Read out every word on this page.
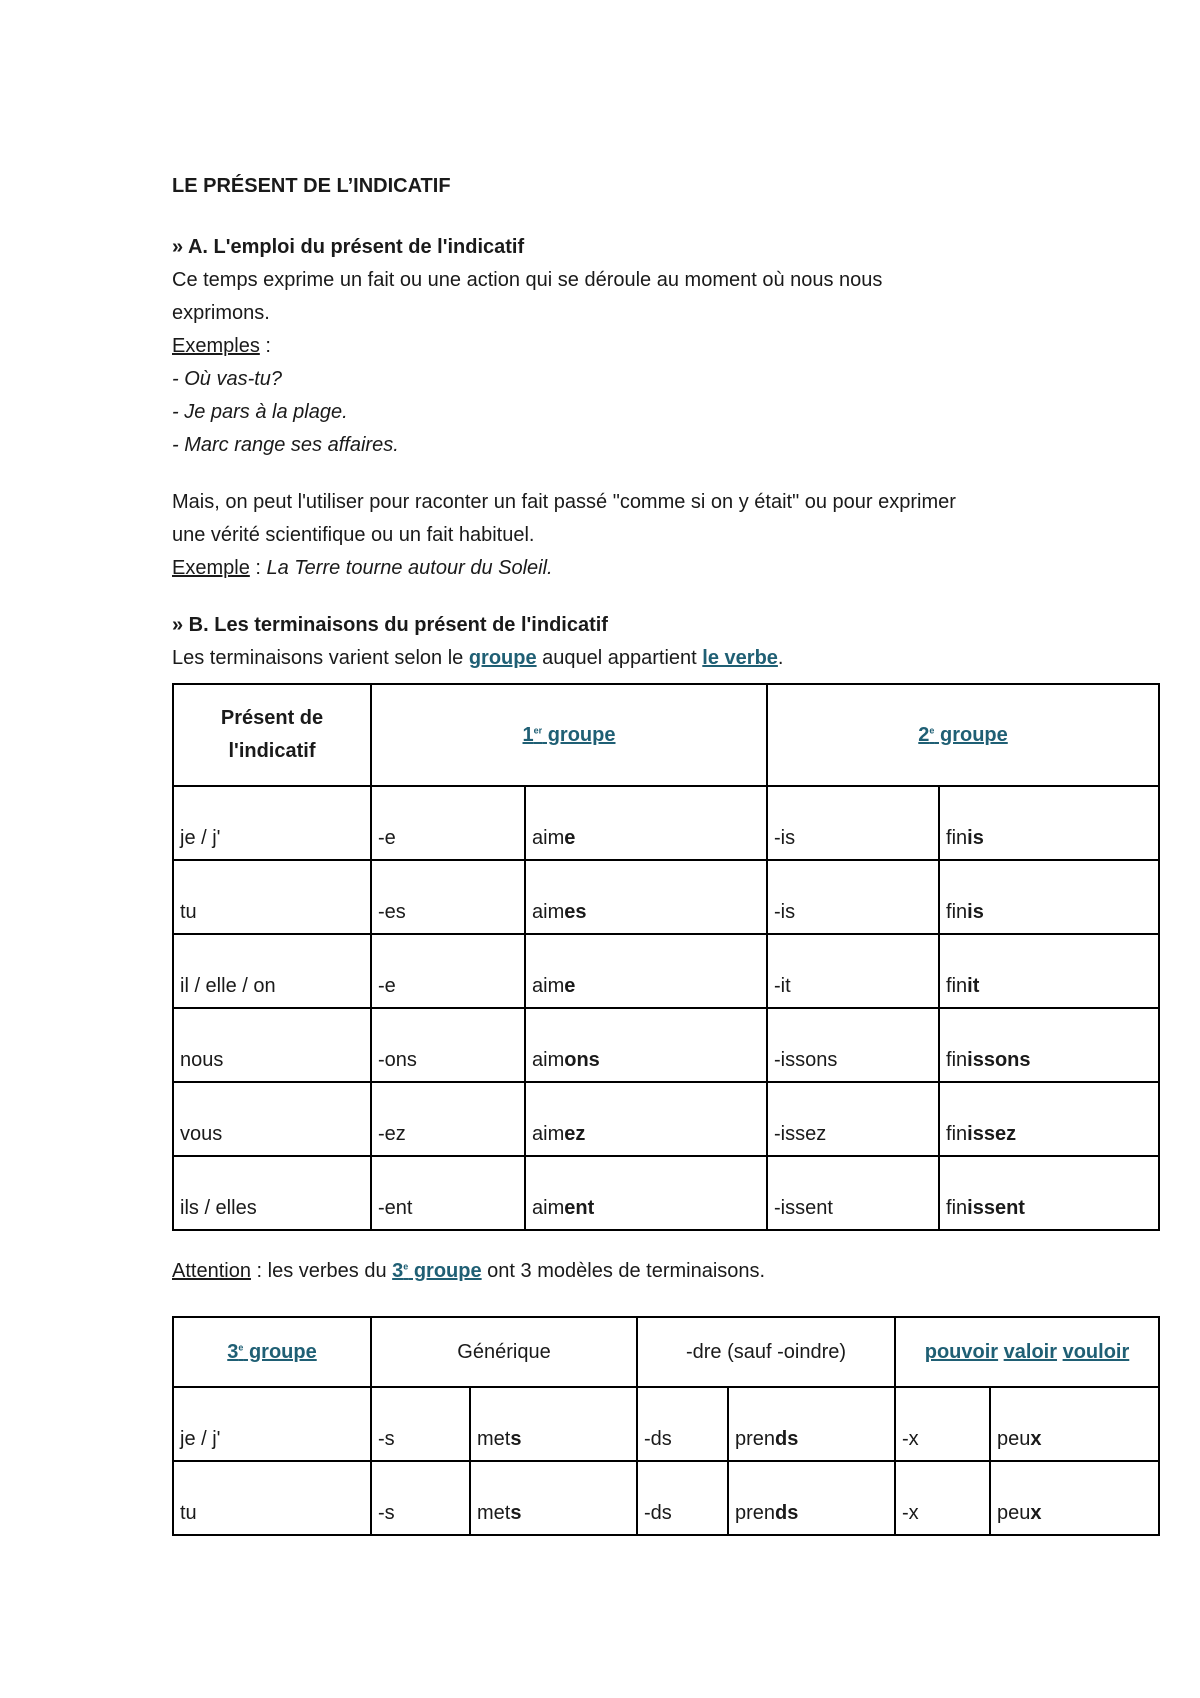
LE PRÉSENT DE L’INDICATIF

» A. L'emploi du présent de l'indicatif

Ce temps exprime un fait ou une action qui se déroule au moment où nous nous

exprimons.

Exemples :

- Où vas-tu?

- Je pars à la plage.

- Marc range ses affaires.

Mais, on peut l'utiliser pour raconter un fait passé "comme si on y était" ou pour exprimer

une vérité scientifique ou un fait habituel.

Exemple : La Terre tourne autour du Soleil.

» B. Les terminaisons du présent de l'indicatif

Les terminaisons varient selon le groupe auquel appartient le verbe.

Présent de l'indicatif	1er groupe		2e groupe	
je / j'	-e	aime	-is	finis
tu	-es	aimes	-is	finis
il / elle / on	-e	aime	-it	finit
nous	-ons	aimons	-issons	finissons
vous	-ez	aimez	-issez	finissez
ils / elles	-ent	aiment	-issent	finissent

Attention : les verbes du 3e groupe ont 3 modèles de terminaisons.

3e groupe	Générique		-dre (sauf -oindre)		pouvoir valoir vouloir	
je / j'	-s	mets	-ds	prends	-x	peux
tu	-s	mets	-ds	prends	-x	peux
